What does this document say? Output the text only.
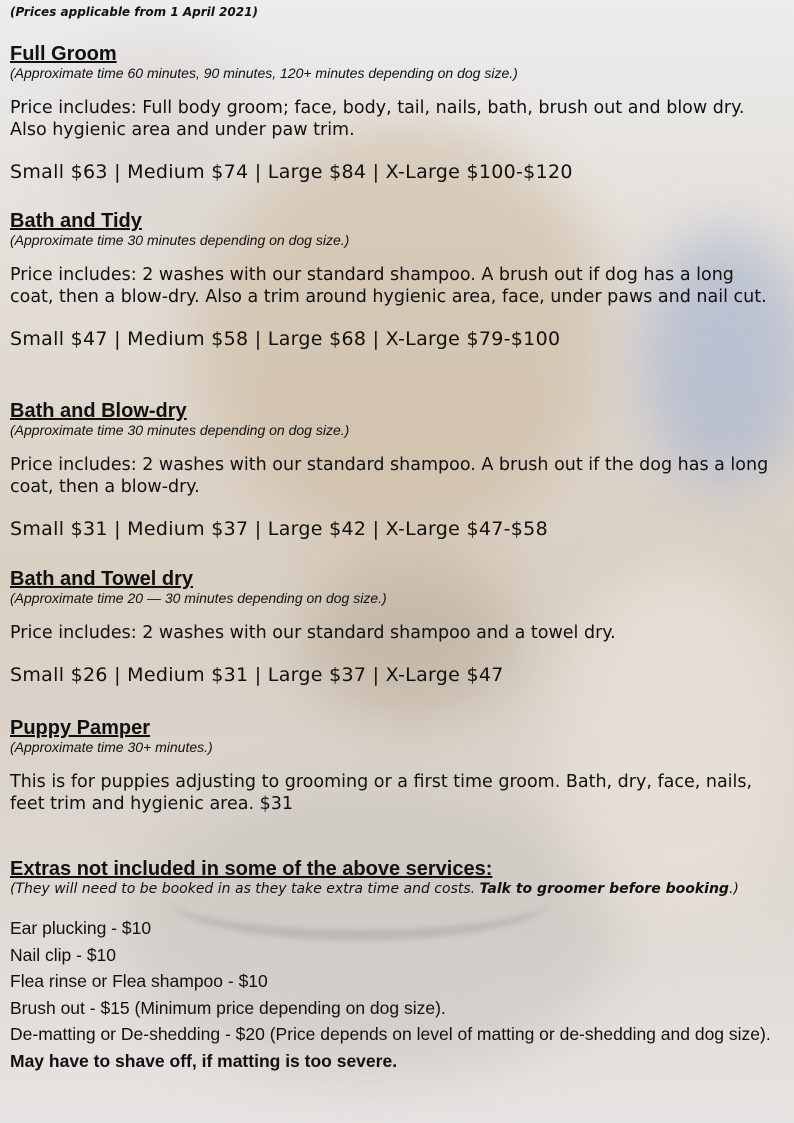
(Prices applicable from 1 April 2021)
Full Groom
(Approximate time 60 minutes, 90 minutes, 120+ minutes depending on dog size.)
Price includes: Full body groom; face, body, tail, nails, bath, brush out and blow dry. Also hygienic area and under paw trim.
Small $63 | Medium $74 | Large $84 | X-Large $100-$120
Bath and Tidy
(Approximate time 30 minutes depending on dog size.)
Price includes: 2 washes with our standard shampoo. A brush out if dog has a long coat, then a blow-dry. Also a trim around hygienic area, face, under paws and nail cut.
Small $47 | Medium $58 | Large $68 | X-Large $79-$100
Bath and Blow-dry
(Approximate time 30 minutes depending on dog size.)
Price includes: 2 washes with our standard shampoo. A brush out if the dog has a long coat, then a blow-dry.
Small $31 | Medium $37 | Large $42 | X-Large $47-$58
Bath and Towel dry
(Approximate time 20 — 30 minutes depending on dog size.)
Price includes: 2 washes with our standard shampoo and a towel dry.
Small $26 | Medium $31 | Large $37 | X-Large $47
Puppy Pamper
(Approximate time 30+ minutes.)
This is for puppies adjusting to grooming or a first time groom. Bath, dry, face, nails, feet trim and hygienic area. $31
Extras not included in some of the above services:
(They will need to be booked in as they take extra time and costs. Talk to groomer before booking.)
Ear plucking - $10
Nail clip - $10
Flea rinse or Flea shampoo - $10
Brush out - $15 (Minimum price depending on dog size).
De-matting or De-shedding - $20 (Price depends on level of matting or de-shedding and dog size).
May have to shave off, if matting is too severe.
